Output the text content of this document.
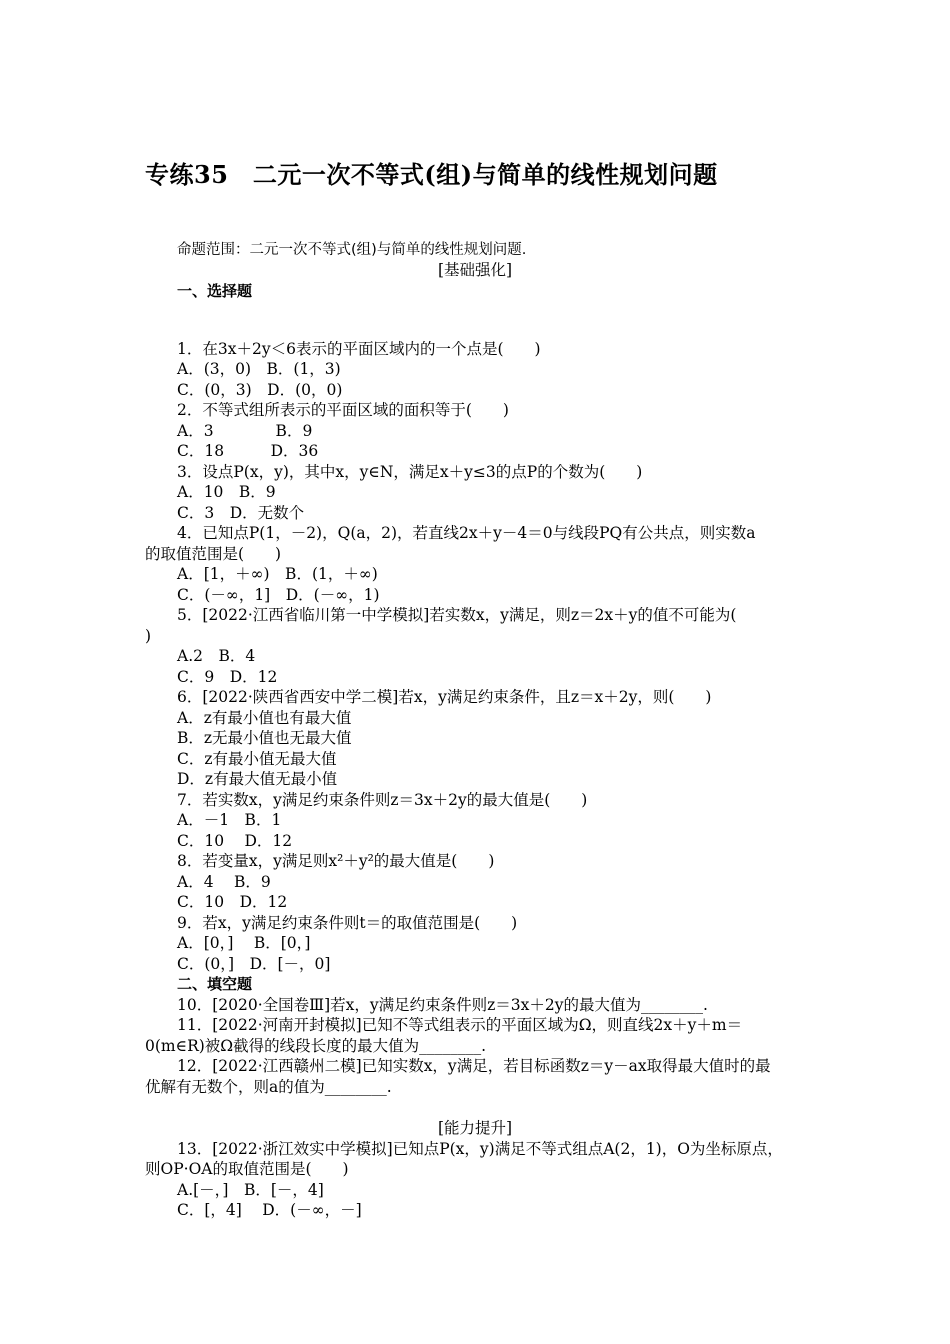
专练35　二元一次不等式(组)与简单的线性规划问题
命题范围：二元一次不等式(组)与简单的线性规划问题.
[基础强化]
一、选择题
1．在3x＋2y＜6表示的平面区域内的一个点是(　　)
A．(3，0)　B．(1，3)
C．(0，3)　D．(0，0)
2．不等式组所表示的平面区域的面积等于(　　)
A．3　　　　B．9
C．18　　　D．36
3．设点P(x，y)，其中x，y∈N，满足x＋y≤3的点P的个数为(　　)
A．10　B．9
C．3　D．无数个
4．已知点P(1，－2)，Q(a，2)，若直线2x＋y－4＝0与线段PQ有公共点，则实数a
的取值范围是(　　)
A．[1，＋∞)　B．(1，＋∞)
C．(－∞，1]　D．(－∞，1)
5．[2022·江西省临川第一中学模拟]若实数x，y满足，则z＝2x＋y的值不可能为(
)
A.2　B．4
C．9　D．12
6．[2022·陕西省西安中学二模]若x，y满足约束条件，且z＝x＋2y，则(　　)
A．z有最小值也有最大值
B．z无最小值也无最大值
C．z有最小值无最大值
D．z有最大值无最小值
7．若实数x，y满足约束条件则z＝3x＋2y的最大值是(　　)
A．－1　B．1
C．10　 D．12
8．若变量x，y满足则x²＋y²的最大值是(　　)
A．4　 B．9
C．10　D．12
9．若x，y满足约束条件则t＝的取值范围是(　　)
A．[0，]　 B．[0，]
C．(0，]　D．[－，0]
二、填空题
10．[2020·全国卷Ⅲ]若x，y满足约束条件则z＝3x＋2y的最大值为________.
11．[2022·河南开封模拟]已知不等式组表示的平面区域为Ω，则直线2x＋y＋m＝
0(m∈R)被Ω截得的线段长度的最大值为________.
12．[2022·江西赣州二模]已知实数x，y满足，若目标函数z＝y－ax取得最大值时的最
优解有无数个，则a的值为________.
[能力提升]
13．[2022·浙江效实中学模拟]已知点P(x，y)满足不等式组点A(2，1)，O为坐标原点，
则OP·OA的取值范围是(　　)
A.[－，]　B．[－，4]
C．[，4]　 D．(－∞，－]
